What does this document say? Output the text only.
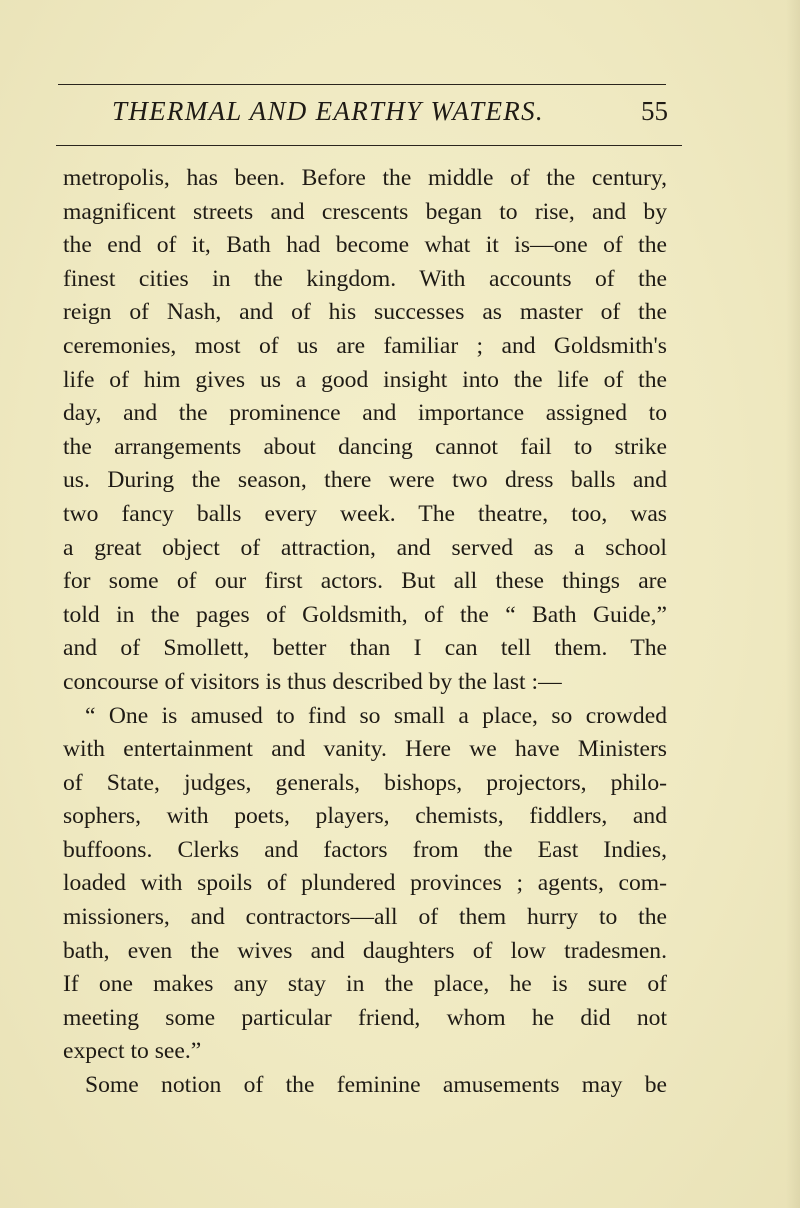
THERMAL AND EARTHY WATERS.	55
metropolis, has been. Before the middle of the century,
magnificent streets and crescents began to rise, and by
the end of it, Bath had become what it is—one of the
finest cities in the kingdom. With accounts of the
reign of Nash, and of his successes as master of the
ceremonies, most of us are familiar ; and Goldsmith's
life of him gives us a good insight into the life of the
day, and the prominence and importance assigned to
the arrangements about dancing cannot fail to strike
us. During the season, there were two dress balls and
two fancy balls every week. The theatre, too, was
a great object of attraction, and served as a school
for some of our first actors. But all these things are
told in the pages of Goldsmith, of the “ Bath Guide,”
and of Smollett, better than I can tell them. The
concourse of visitors is thus described by the last :—
“ One is amused to find so small a place, so crowded
with entertainment and vanity. Here we have Ministers
of State, judges, generals, bishops, projectors, philo-
sophers, with poets, players, chemists, fiddlers, and
buffoons. Clerks and factors from the East Indies,
loaded with spoils of plundered provinces ; agents, com-
missioners, and contractors—all of them hurry to the
bath, even the wives and daughters of low tradesmen.
If one makes any stay in the place, he is sure of
meeting some particular friend, whom he did not
expect to see.”
Some notion of the feminine amusements may be
